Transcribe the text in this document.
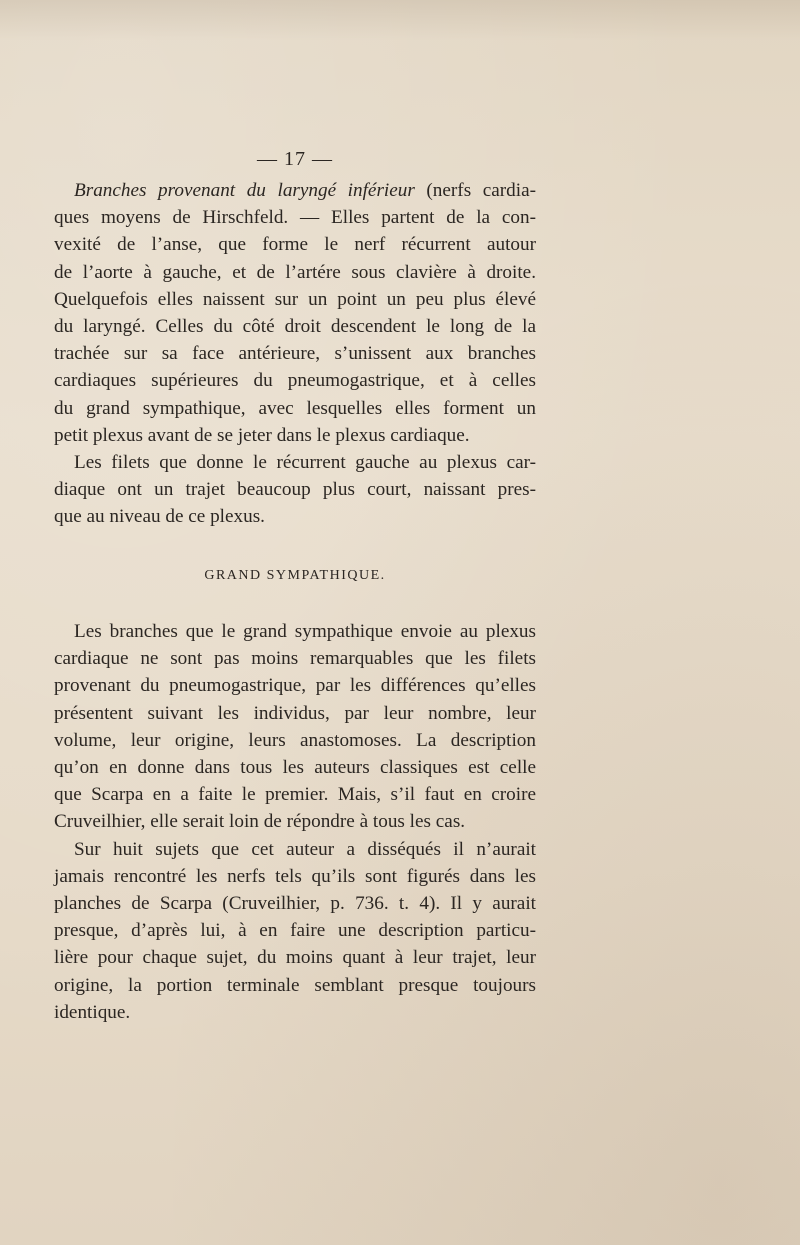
— 17 —
Branches provenant du laryngé inférieur (nerfs cardia-
ques moyens de Hirschfeld. — Elles partent de la con-
vexité de l’anse, que forme le nerf récurrent autour
de l’aorte à gauche, et de l’artére sous clavière à droite.
Quelquefois elles naissent sur un point un peu plus élevé
du laryngé. Celles du côté droit descendent le long de la
trachée sur sa face antérieure, s’unissent aux branches
cardiaques supérieures du pneumogastrique, et à celles
du grand sympathique, avec lesquelles elles forment un
petit plexus avant de se jeter dans le plexus cardiaque.
Les filets que donne le récurrent gauche au plexus car-
diaque ont un trajet beaucoup plus court, naissant pres-
que au niveau de ce plexus.
GRAND SYMPATHIQUE.
Les branches que le grand sympathique envoie au plexus
cardiaque ne sont pas moins remarquables que les filets
provenant du pneumogastrique, par les différences qu’elles
présentent suivant les individus, par leur nombre, leur
volume, leur origine, leurs anastomoses. La description
qu’on en donne dans tous les auteurs classiques est celle
que Scarpa en a faite le premier. Mais, s’il faut en croire
Cruveilhier, elle serait loin de répondre à tous les cas.
Sur huit sujets que cet auteur a disséqués il n’aurait
jamais rencontré les nerfs tels qu’ils sont figurés dans les
planches de Scarpa (Cruveilhier, p. 736. t. 4). Il y aurait
presque, d’après lui, à en faire une description particu-
lière pour chaque sujet, du moins quant à leur trajet, leur
origine, la portion terminale semblant presque toujours
identique.
